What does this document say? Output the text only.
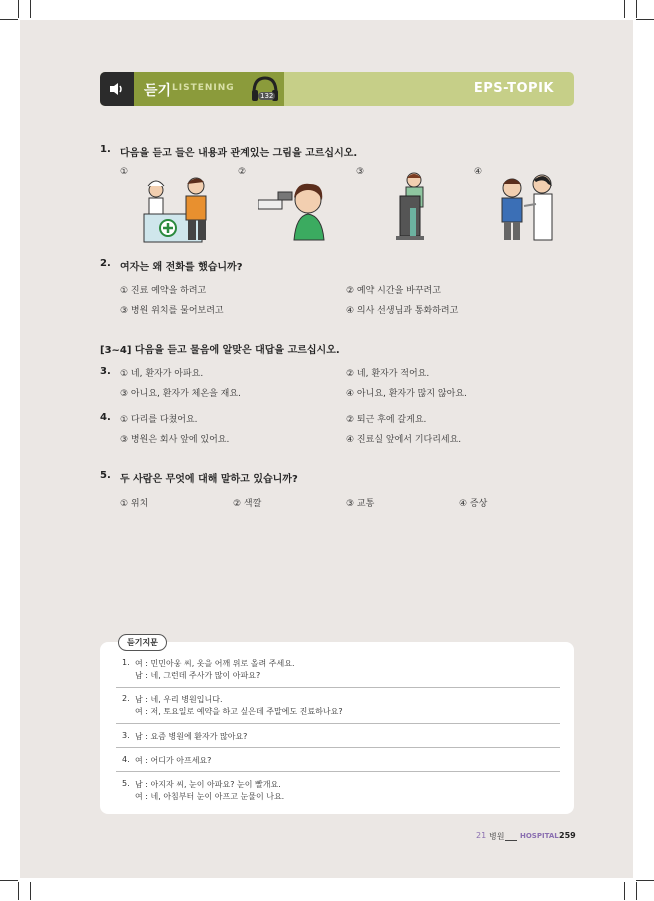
듣기 LISTENING
132	EPS-TOPIK
1. 다음을 듣고 들은 내용과 관계있는 그림을 고르십시오.
①	②	③	④
2. 여자는 왜 전화를 했습니까?
① 진료 예약을 하려고	② 예약 시간을 바꾸려고
③ 병원 위치를 물어보려고	④ 의사 선생님과 통화하려고
[3~4] 다음을 듣고 물음에 알맞은 대답을 고르십시오.
3. ① 네, 환자가 아파요.	② 네, 환자가 적어요.
③ 아니요, 환자가 체온을 재요.	④ 아니요, 환자가 많지 않아요.
4. ① 다리를 다쳤어요.	② 퇴근 후에 갈게요.
③ 병원은 회사 앞에 있어요.	④ 진료실 앞에서 기다리세요.
5. 두 사람은 무엇에 대해 말하고 있습니까?
① 위치	② 색깔	③ 교통	④ 증상
듣기지문
1. 여 : 민민아웅 씨, 옷을 어깨 위로 올려 주세요.
남 : 네, 그런데 주사가 많이 아파요?
2. 남 : 네, 우리 병원입니다.
여 : 저, 토요일로 예약을 하고 싶은데 주말에도 진료하나요?
3. 남 : 요즘 병원에 환자가 많아요?
4. 여 : 어디가 아프세요?
5. 남 : 아지자 씨, 눈이 아파요? 눈이 빨개요.
여 : 네, 아침부터 눈이 아프고 눈물이 나요.
21 병원 HOSPITAL 259
